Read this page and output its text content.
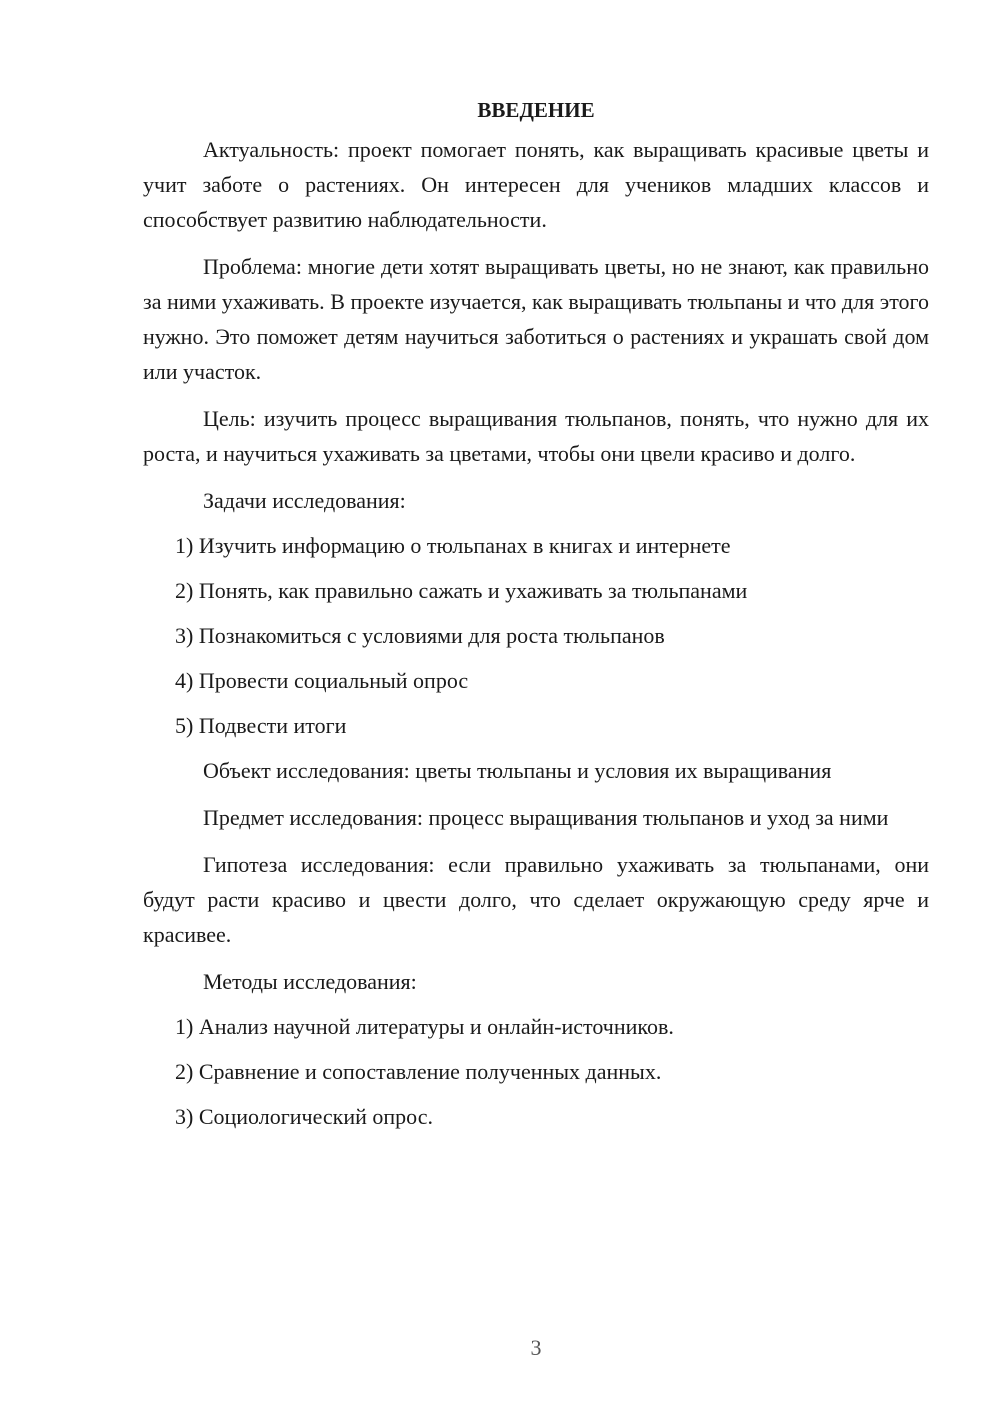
ВВЕДЕНИЕ

Актуальность: проект помогает понять, как выращивать красивые цветы и учит заботе о растениях. Он интересен для учеников младших классов и способствует развитию наблюдательности.

Проблема: многие дети хотят выращивать цветы, но не знают, как правильно за ними ухаживать. В проекте изучается, как выращивать тюльпаны и что для этого нужно. Это поможет детям научиться заботиться о растениях и украшать свой дом или участок.

Цель: изучить процесс выращивания тюльпанов, понять, что нужно для их роста, и научиться ухаживать за цветами, чтобы они цвели красиво и долго.

Задачи исследования:

1) Изучить информацию о тюльпанах в книгах и интернете
2) Понять, как правильно сажать и ухаживать за тюльпанами
3) Познакомиться с условиями для роста тюльпанов
4) Провести социальный опрос
5) Подвести итоги

Объект исследования: цветы тюльпаны и условия их выращивания

Предмет исследования: процесс выращивания тюльпанов и уход за ними

Гипотеза исследования: если правильно ухаживать за тюльпанами, они будут расти красиво и цвести долго, что сделает окружающую среду ярче и красивее.

Методы исследования:

1) Анализ научной литературы и онлайн-источников.
2) Сравнение и сопоставление полученных данных.
3) Социологический опрос.
3
